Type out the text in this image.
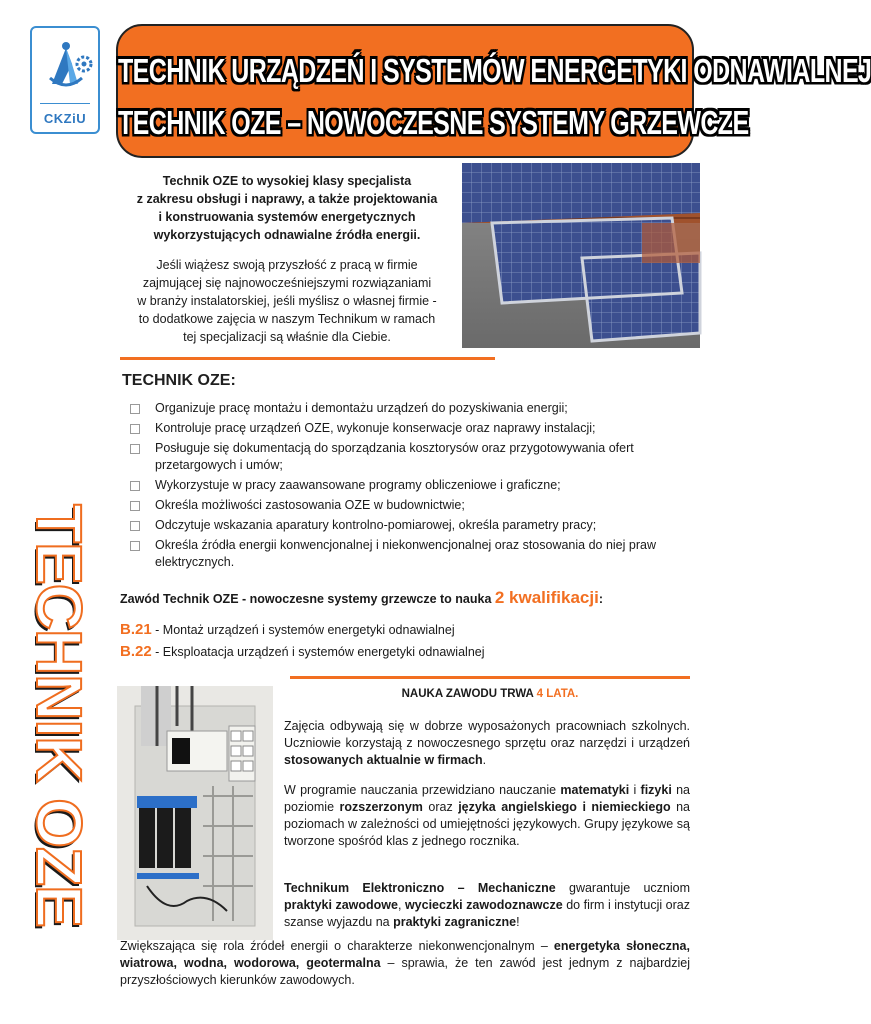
CKZiU
TECHNIK URZĄDZEŃ I SYSTEMÓW ENERGETYKI ODNAWIALNEJ
TECHNIK OZE – NOWOCZESNE SYSTEMY GRZEWCZE
TECHNIK OZE

Technik OZE to wysokiej klasy specjalista
z zakresu obsługi i naprawy, a także projektowania
i konstruowania systemów energetycznych
wykorzystujących odnawialne źródła energii.

Jeśli wiążesz swoją przyszłość z pracą w firmie
zajmującej się najnowocześniejszymi rozwiązaniami
w branży instalatorskiej, jeśli myślisz o własnej firmie -
to dodatkowe zajęcia w naszym Technikum w ramach
tej specjalizacji są właśnie dla Ciebie.

TECHNIK OZE:
Organizuje pracę montażu i demontażu urządzeń do pozyskiwania energii;
Kontroluje pracę urządzeń OZE, wykonuje konserwacje oraz naprawy instalacji;
Posługuje się dokumentacją do sporządzania kosztorysów oraz przygotowywania ofert przetargowych i umów;
Wykorzystuje w pracy zaawansowane programy obliczeniowe i graficzne;
Określa możliwości zastosowania OZE w budownictwie;
Odczytuje wskazania aparatury kontrolno-pomiarowej, określa parametry pracy;
Określa źródła energii konwencjonalnej i niekonwencjonalnej oraz stosowania do niej praw elektrycznych.
Zawód Technik OZE - nowoczesne systemy grzewcze to nauka 2 kwalifikacji:
B.21 - Montaż urządzeń i systemów energetyki odnawialnej
B.22 - Eksploatacja urządzeń i systemów energetyki odnawialnej
NAUKA ZAWODU TRWA 4 LATA.

Zajęcia odbywają się w dobrze wyposażonych pracowniach szkolnych. Uczniowie korzystają z nowoczesnego sprzętu oraz narzędzi i urządzeń stosowanych aktualnie w firmach.

W programie nauczania przewidziano nauczanie matematyki i fizyki na poziomie rozszerzonym oraz języka angielskiego i niemieckiego na poziomach w zależności od umiejętności językowych. Grupy językowe są tworzone spośród klas z jednego rocznika.

Technikum Elektroniczno – Mechaniczne gwarantuje uczniom praktyki zawodowe, wycieczki zawodoznawcze do firm i instytucji oraz szanse wyjazdu na praktyki zagraniczne!

Zwiększająca się rola źródeł energii o charakterze niekonwencjonalnym – energetyka słoneczna, wiatrowa, wodna, wodorowa, geotermalna – sprawia, że ten zawód jest jednym z najbardziej przyszłościowych kierunków zawodowych.
